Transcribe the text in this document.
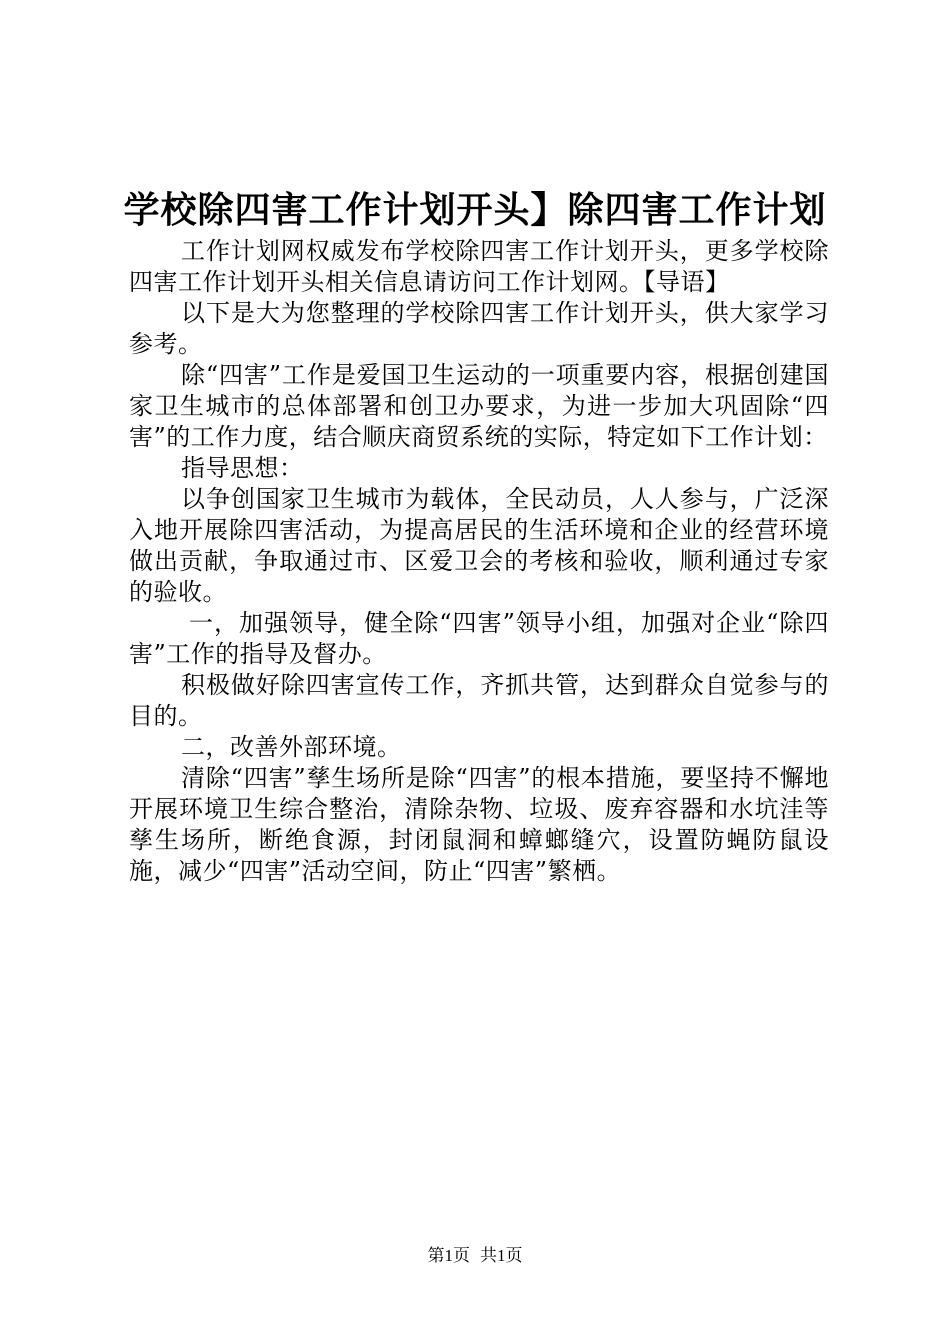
学校除四害工作计划开头】除四害工作计划

工作计划网权威发布学校除四害工作计划开头，更多学校除四害工作计划开头相关信息请访问工作计划网。【导语】

以下是大为您整理的学校除四害工作计划开头，供大家学习参考。

除“四害”工作是爱国卫生运动的一项重要内容，根据创建国家卫生城市的总体部署和创卫办要求，为进一步加大巩固除“四害”的工作力度，结合顺庆商贸系统的实际，特定如下工作计划：

指导思想：

以争创国家卫生城市为载体，全民动员，人人参与，广泛深入地开展除四害活动，为提高居民的生活环境和企业的经营环境做出贡献，争取通过市、区爱卫会的考核和验收，顺利通过专家的验收。

一，加强领导，健全除“四害”领导小组，加强对企业“除四害”工作的指导及督办。

积极做好除四害宣传工作，齐抓共管，达到群众自觉参与的目的。

二，改善外部环境。

清除“四害”孳生场所是除“四害”的根本措施，要坚持不懈地开展环境卫生综合整治，清除杂物、垃圾、废弃容器和水坑洼等孳生场所，断绝食源，封闭鼠洞和蟑螂缝穴，设置防蝇防鼠设施，减少“四害”活动空间，防止“四害”繁栖。

第1页 共1页
